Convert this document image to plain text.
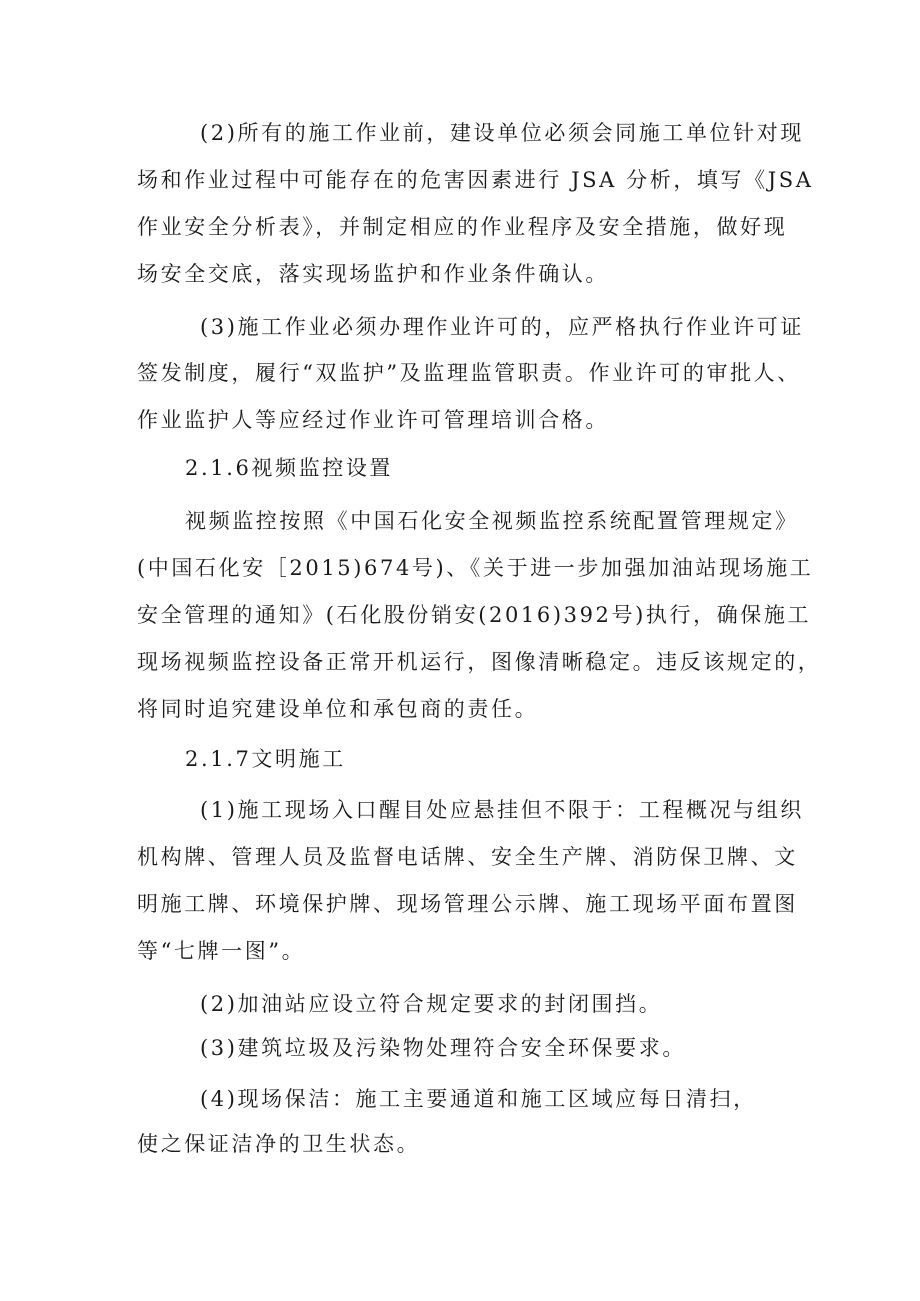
(2)所有的施工作业前，建设单位必须会同施工单位针对现
场和作业过程中可能存在的危害因素进行 JSA 分析，填写《JSA
作业安全分析表》，并制定相应的作业程序及安全措施，做好现
场安全交底，落实现场监护和作业条件确认。
(3)施工作业必须办理作业许可的，应严格执行作业许可证
签发制度，履行“双监护”及监理监管职责。作业许可的审批人、
作业监护人等应经过作业许可管理培训合格。
2.1.6视频监控设置
视频监控按照《中国石化安全视频监控系统配置管理规定》
(中国石化安［2015)674号)、《关于进一步加强加油站现场施工
安全管理的通知》(石化股份销安(2016)392号)执行，确保施工
现场视频监控设备正常开机运行，图像清晰稳定。违反该规定的，
将同时追究建设单位和承包商的责任。
2.1.7文明施工
(1)施工现场入口醒目处应悬挂但不限于：工程概况与组织
机构牌、管理人员及监督电话牌、安全生产牌、消防保卫牌、文
明施工牌、环境保护牌、现场管理公示牌、施工现场平面布置图
等“七牌一图”。
(2)加油站应设立符合规定要求的封闭围挡。
(3)建筑垃圾及污染物处理符合安全环保要求。
(4)现场保洁：施工主要通道和施工区域应每日清扫，
使之保证洁净的卫生状态。
